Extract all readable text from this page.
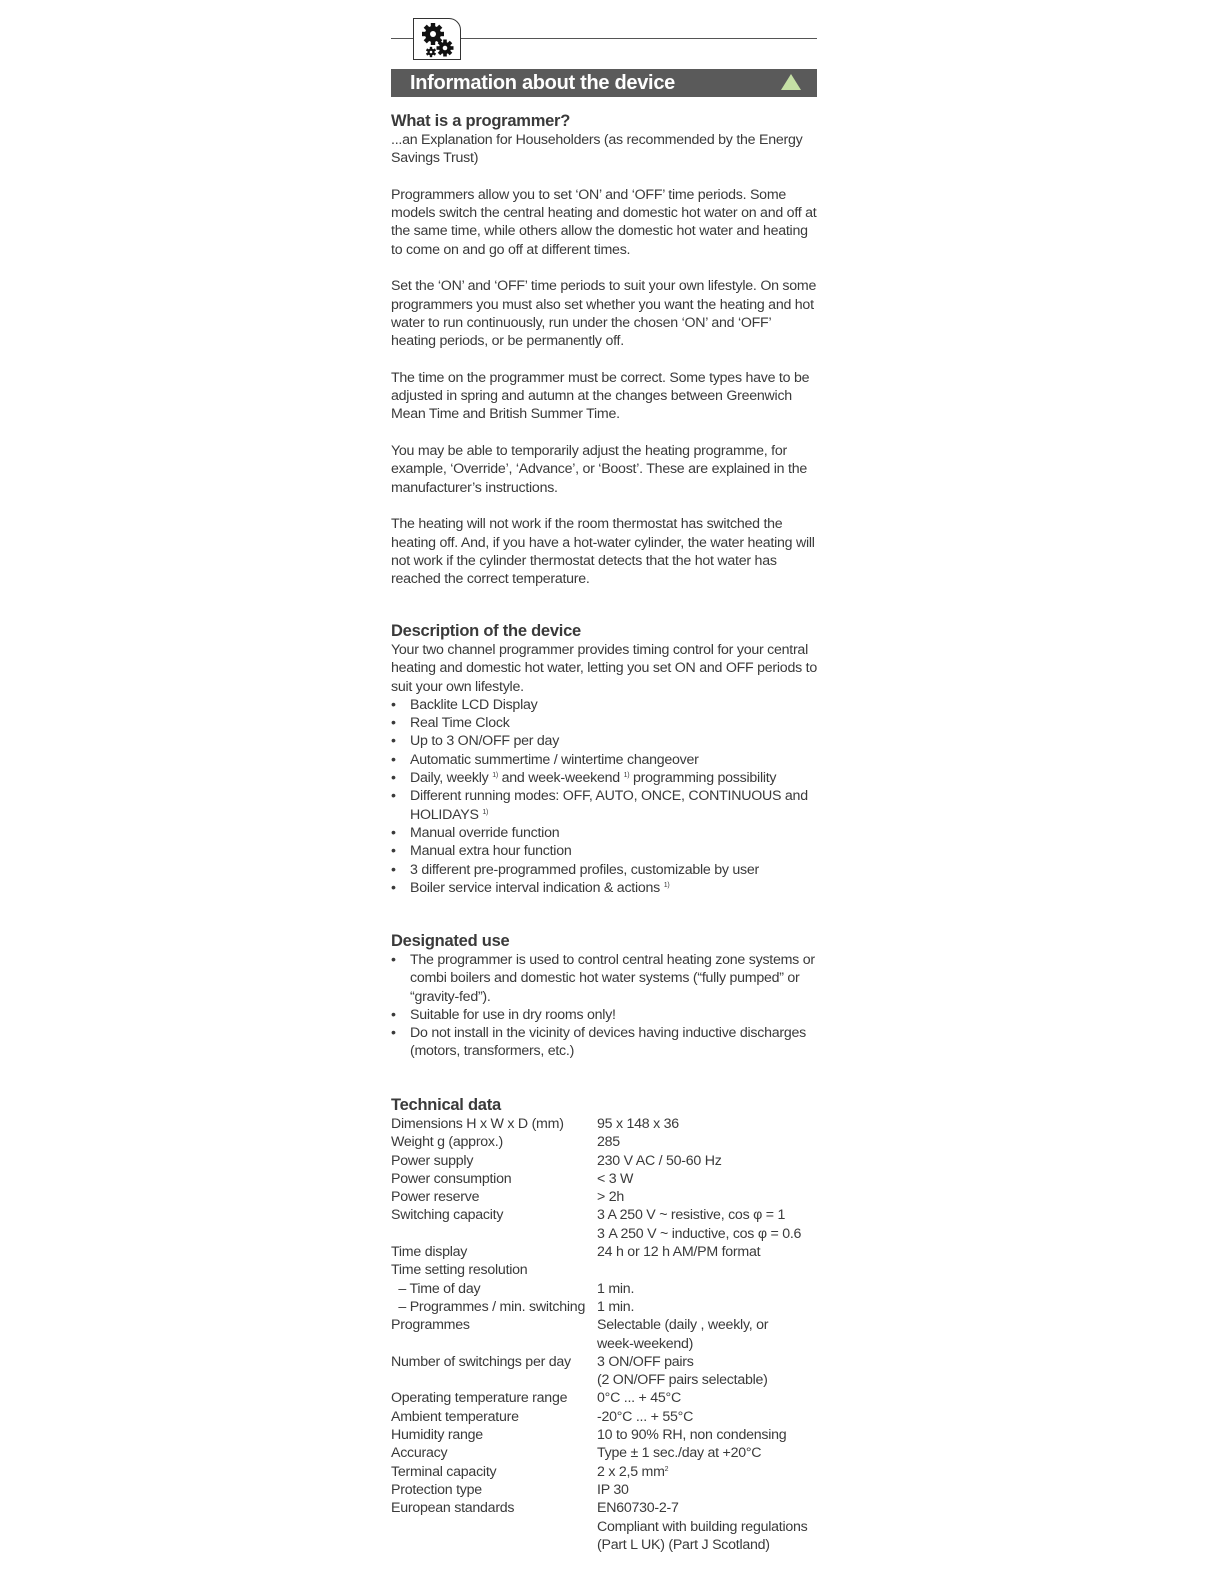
Information about the device
What is a programmer?

...an Explanation for Householders (as recommended by the Energy Savings Trust)

Programmers allow you to set ‘ON’ and ‘OFF’ time periods. Some models switch the central heating and domestic hot water on and off at the same time, while others allow the domestic hot water and heating to come on and go off at different times.

Set the ‘ON’ and ‘OFF’ time periods to suit your own lifestyle. On some programmers you must also set whether you want the heating and hot water to run continuously, run under the chosen ‘ON’ and ‘OFF’ heating periods, or be permanently off.

The time on the programmer must be correct. Some types have to be adjusted in spring and autumn at the changes between Greenwich Mean Time and British Summer Time.

You may be able to temporarily adjust the heating programme, for example, ‘Override’, ‘Advance’, or ‘Boost’. These are explained in the manufacturer’s instructions.

The heating will not work if the room thermostat has switched the heating off. And, if you have a hot-water cylinder, the water heating will not work if the cylinder thermostat detects that the hot water has reached the correct temperature.

Description of the device

Your two channel programmer provides timing control for your central heating and domestic hot water, letting you set ON and OFF periods to suit your own lifestyle.

• Backlite LCD Display
• Real Time Clock
• Up to 3 ON/OFF per day
• Automatic summertime / wintertime changeover
• Daily, weekly $^{1)}$ and week-weekend $^{1)}$ programming possibility
• Different running modes: OFF, AUTO, ONCE, CONTINUOUS and HOLIDAYS $^{1)}$
• Manual override function
• Manual extra hour function
• 3 different pre-programmed profiles, customizable by user
• Boiler service interval indication & actions $^{1)}$
Designated use
• The programmer is used to control central heating zone systems or combi boilers and domestic hot water systems (“fully pumped” or “gravity-fed”).
• Suitable for use in dry rooms only!
• Do not install in the vicinity of devices having inductive discharges (motors, transformers, etc.)
Technical data
Dimensions H x W x D (mm)	95 x 148 x 36
Weight g (approx.)	285
Power supply	230 V AC / 50-60 Hz
Power consumption	< 3 W
Power reserve	> 2h
Switching capacity	3 A 250 V ~ resistive, cos φ = 1
3 A 250 V ~ inductive, cos φ = 0.6
Time display	24 h or 12 h AM/PM format
Time setting resolution
– Time of day	1 min.
– Programmes / min. switching 1 min.
Programmes	Selectable (daily , weekly, or week-weekend)
Number of switchings per day	3 ON/OFF pairs
(2 ON/OFF pairs selectable)
Operating temperature range	0°C ... + 45°C
Ambient temperature	-20°C ... + 55°C
Humidity range	10 to 90% RH, non condensing
Accuracy	Type ± 1 sec./day at +20°C
Terminal capacity	2 x 2,5 $mm^2$
Protection type	IP 30
European standards	EN60730-2-7
Compliant with building regulations (Part L UK) (Part J Scotland)
